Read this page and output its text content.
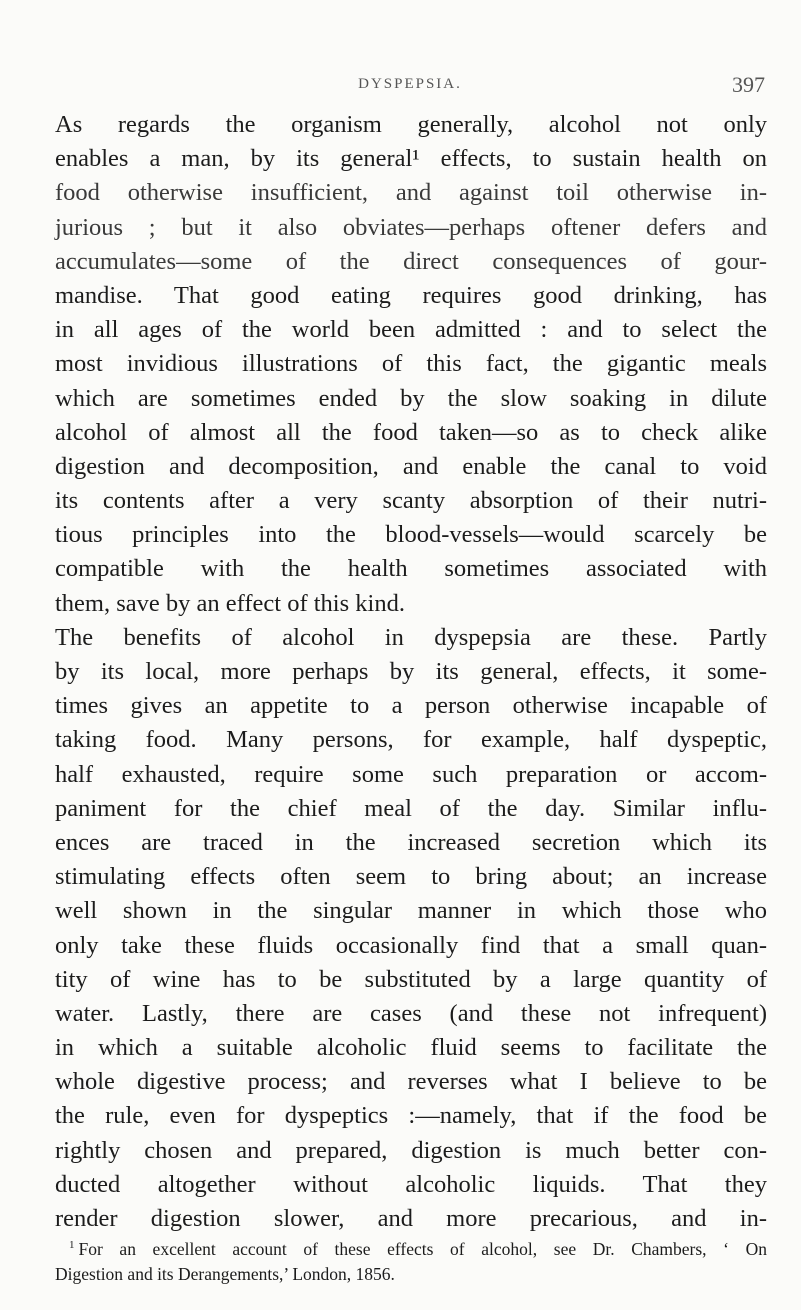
DYSPEPSIA.	397
As regards the organism generally, alcohol not only
enables a man, by its general¹ effects, to sustain health on
food otherwise insufficient, and against toil otherwise in-
jurious ; but it also obviates—perhaps oftener defers and
accumulates—some of the direct consequences of gour-
mandise. That good eating requires good drinking, has
in all ages of the world been admitted : and to select the
most invidious illustrations of this fact, the gigantic meals
which are sometimes ended by the slow soaking in dilute
alcohol of almost all the food taken—so as to check alike
digestion and decomposition, and enable the canal to void
its contents after a very scanty absorption of their nutri-
tious principles into the blood-vessels—would scarcely be
compatible with the health sometimes associated with
them, save by an effect of this kind.
The benefits of alcohol in dyspepsia are these. Partly
by its local, more perhaps by its general, effects, it some-
times gives an appetite to a person otherwise incapable of
taking food. Many persons, for example, half dyspeptic,
half exhausted, require some such preparation or accom-
paniment for the chief meal of the day. Similar influ-
ences are traced in the increased secretion which its
stimulating effects often seem to bring about; an increase
well shown in the singular manner in which those who
only take these fluids occasionally find that a small quan-
tity of wine has to be substituted by a large quantity of
water. Lastly, there are cases (and these not infrequent)
in which a suitable alcoholic fluid seems to facilitate the
whole digestive process; and reverses what I believe to be
the rule, even for dyspeptics :—namely, that if the food be
rightly chosen and prepared, digestion is much better con-
ducted altogether without alcoholic liquids. That they
render digestion slower, and more precarious, and in-
$^1$ For an excellent account of these effects of alcohol, see Dr. Chambers, ‘ On
Digestion and its Derangements,’ London, 1856.
